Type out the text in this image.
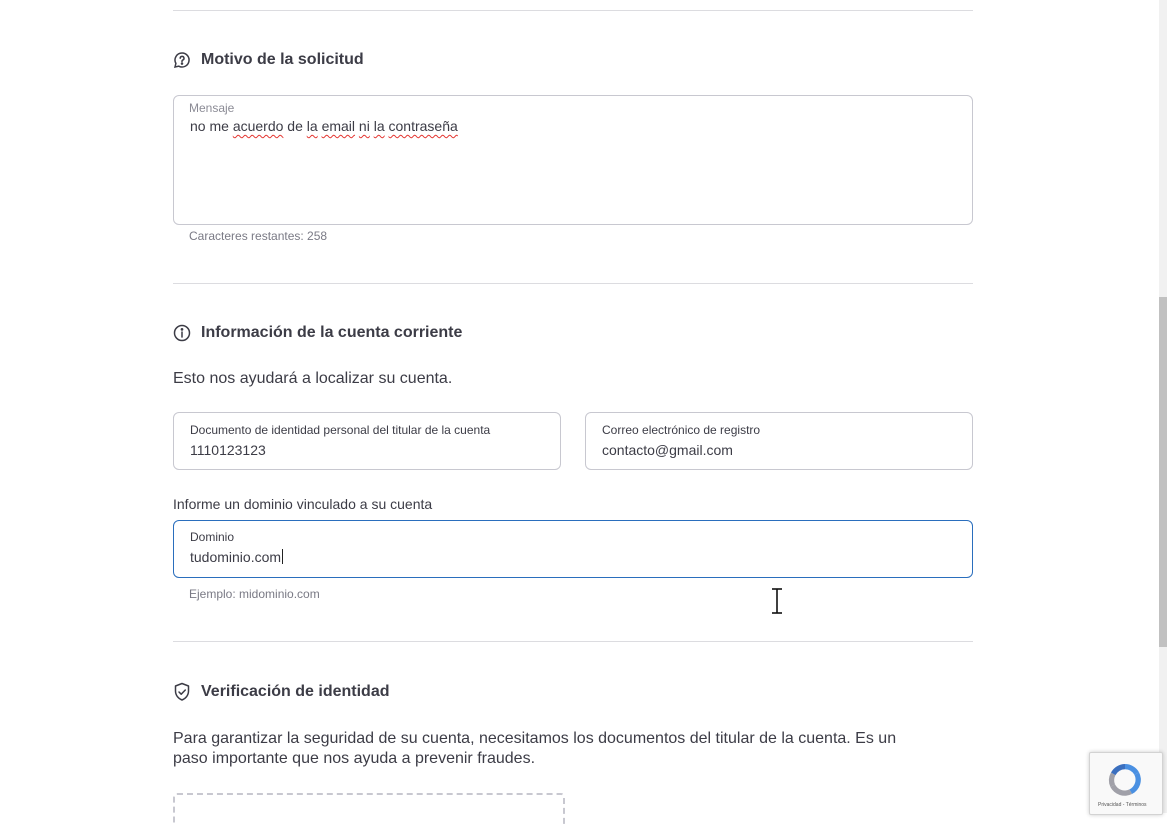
Motivo de la solicitud
Mensaje
no me acuerdo de la email ni la contraseña
Caracteres restantes: 258
Información de la cuenta corriente
Esto nos ayudará a localizar su cuenta.
Documento de identidad personal del titular de la cuenta
1110123123
Correo electrónico de registro
contacto@gmail.com
Informe un dominio vinculado a su cuenta
Dominio
tudominio.com
Ejemplo: midominio.com
Verificación de identidad
Para garantizar la seguridad de su cuenta, necesitamos los documentos del titular de la cuenta. Es un
paso importante que nos ayuda a prevenir fraudes.
Privacidad - Términos
